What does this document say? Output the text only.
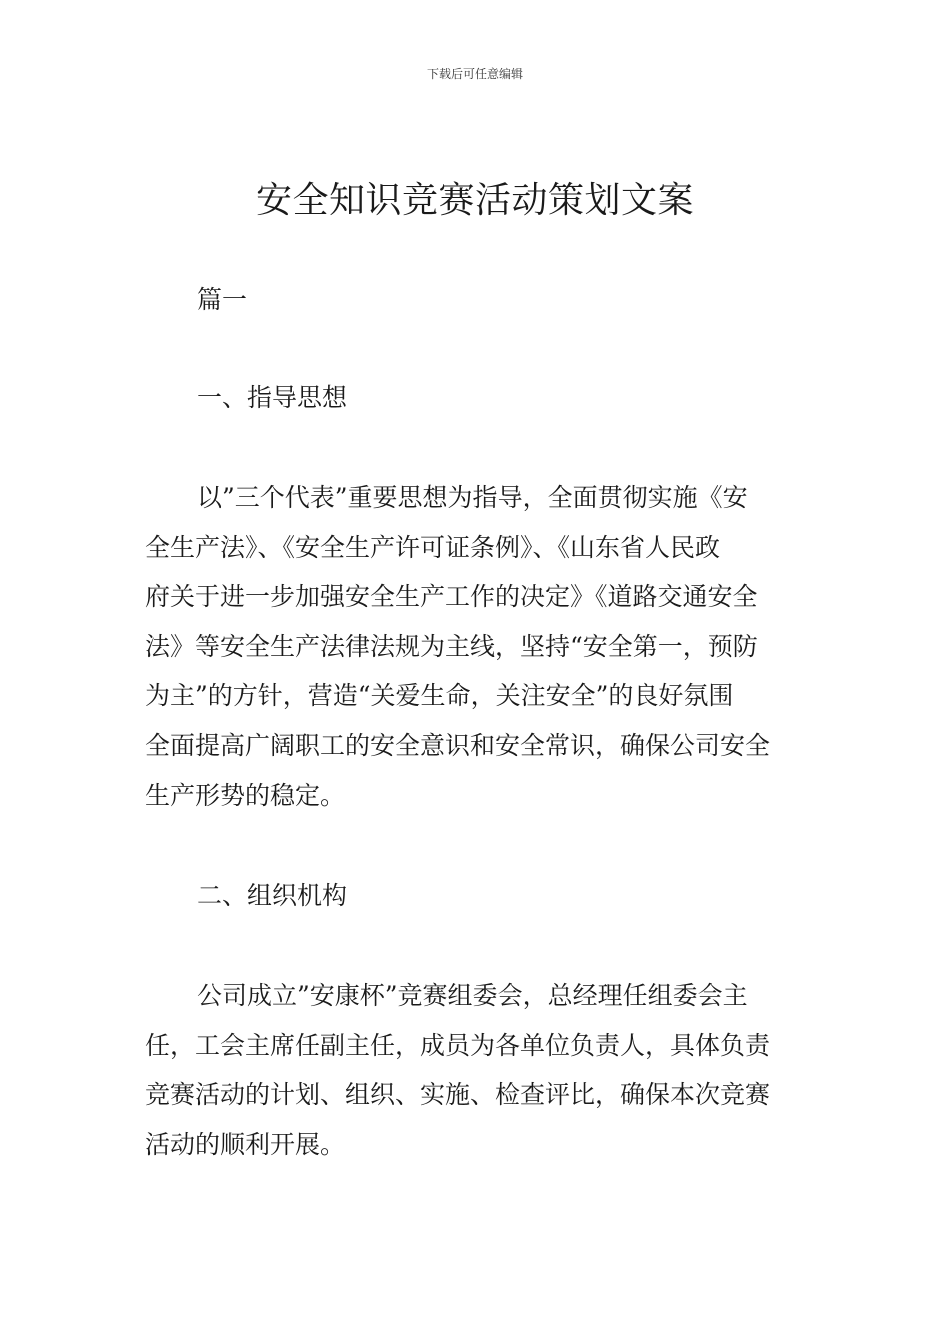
下载后可任意编辑
安全知识竞赛活动策划文案

篇一

一、指导思想

以”三个代表”重要思想为指导，全面贯彻实施《安
全生产法》、《安全生产许可证条例》、《山东省人民政
府关于进一步加强安全生产工作的决定》《道路交通安全
法》等安全生产法律法规为主线，坚持“安全第一，预防
为主”的方针，营造“关爱生命，关注安全”的良好氛围
全面提高广阔职工的安全意识和安全常识，确保公司安全
生产形势的稳定。

二、组织机构

公司成立”安康杯”竞赛组委会，总经理任组委会主
任，工会主席任副主任，成员为各单位负责人，具体负责
竞赛活动的计划、组织、实施、检查评比，确保本次竞赛
活动的顺利开展。
